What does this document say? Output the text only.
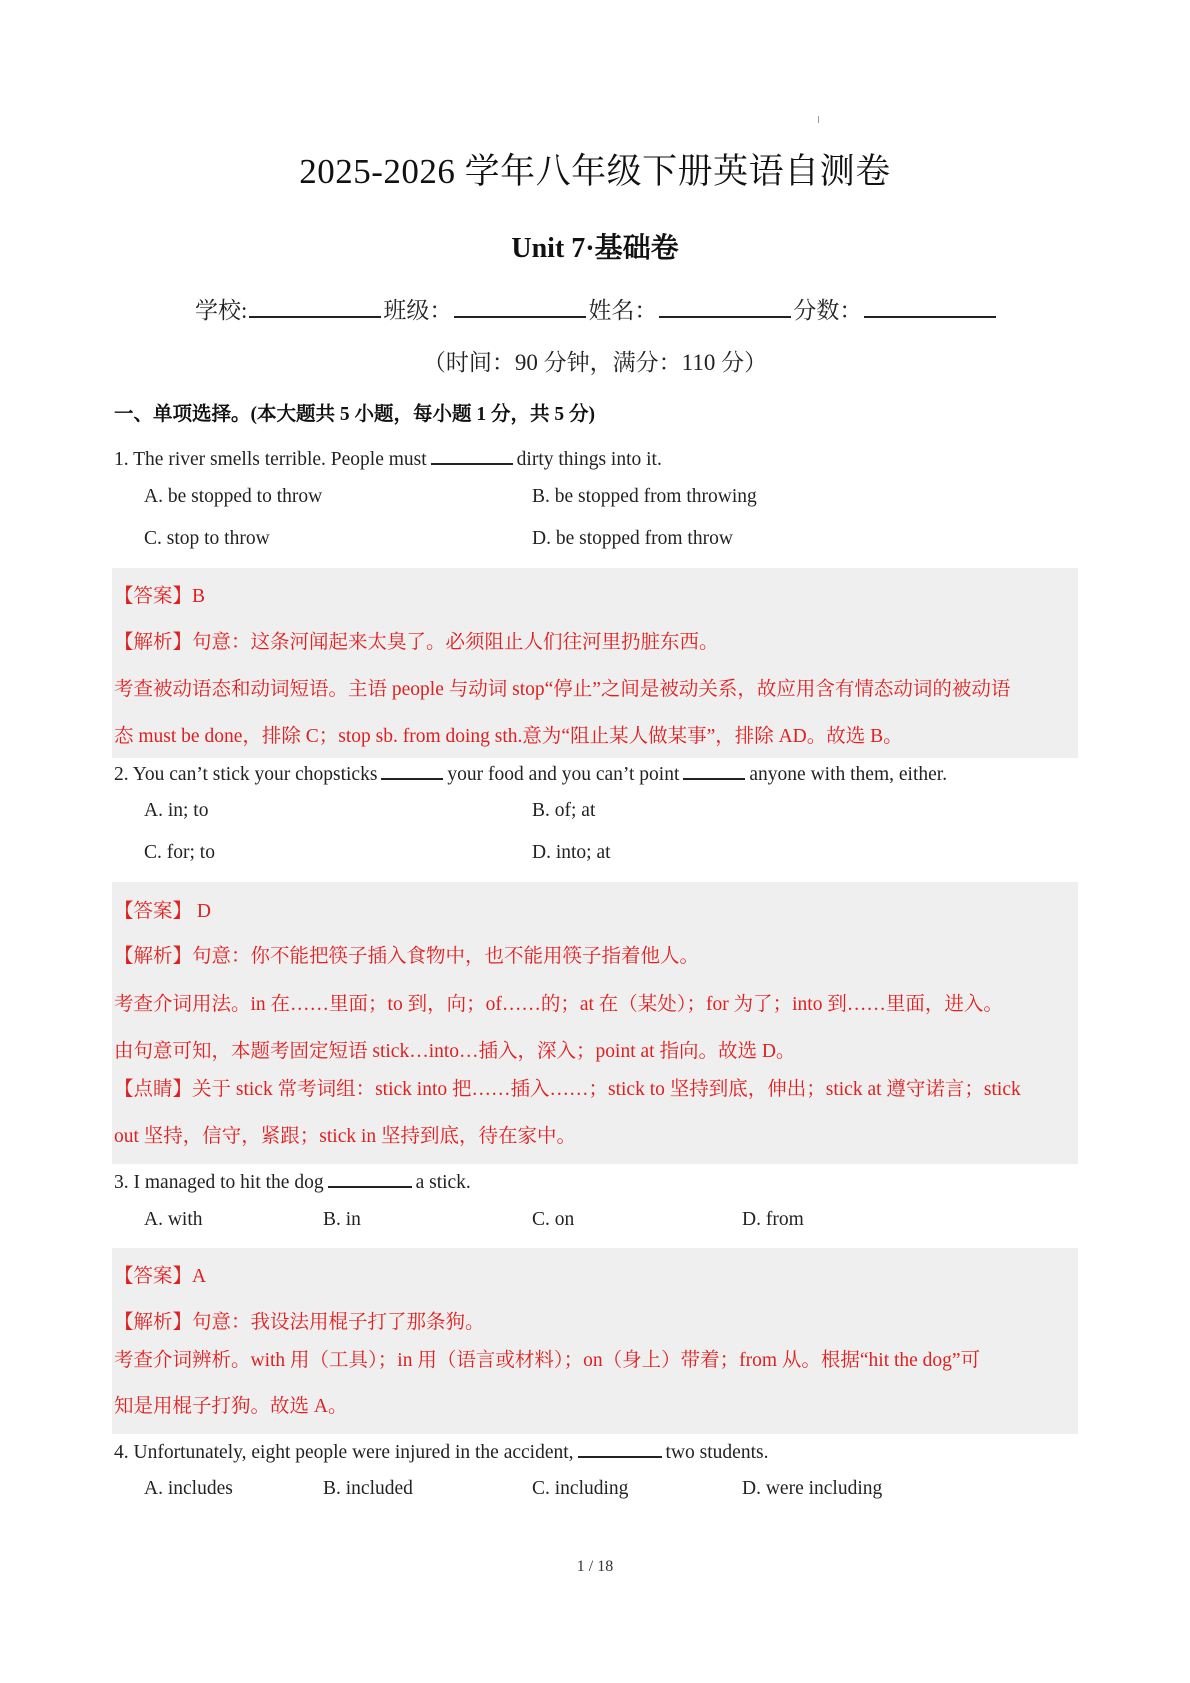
2025-2026 学年八年级下册英语自测卷
Unit 7·基础卷
学校:	班级：	姓名：	分数：
（时间：90 分钟，满分：110 分）
一、单项选择。(本大题共 5 小题，每小题 1 分，共 5 分)
1. The river smells terrible. People must	dirty things into it.
A. be stopped to throw	B. be stopped from throwing
C. stop to throw	D. be stopped from throw
【答案】B
【解析】句意：这条河闻起来太臭了。必须阻止人们往河里扔脏东西。
考查被动语态和动词短语。主语 people 与动词 stop“停止”之间是被动关系，故应用含有情态动词的被动语
态 must be done，排除 C；stop sb. from doing sth.意为“阻止某人做某事”，排除 AD。故选 B。
2. You can’t stick your chopsticks	your food and you can’t point	anyone with them, either.
A. in; to	B. of; at
C. for; to	D. into; at
【答案】 D
【解析】句意：你不能把筷子插入食物中，也不能用筷子指着他人。
考查介词用法。in 在……里面；to 到，向；of……的；at 在（某处）；for 为了；into 到……里面，进入。
由句意可知，本题考固定短语 stick…into…插入，深入；point at 指向。故选 D。
【点睛】关于 stick 常考词组：stick into 把……插入……；stick to 坚持到底，伸出；stick at 遵守诺言；stick
out 坚持，信守，紧跟；stick in 坚持到底，待在家中。
3. I managed to hit the dog	a stick.
A. with	B. in	C. on	D. from
【答案】A
【解析】句意：我设法用棍子打了那条狗。
考查介词辨析。with 用（工具）；in 用（语言或材料）；on（身上）带着；from 从。根据“hit the dog”可
知是用棍子打狗。故选 A。
4. Unfortunately, eight people were injured in the accident,	two students.
A. includes	B. included	C. including	D. were including
1 / 18
